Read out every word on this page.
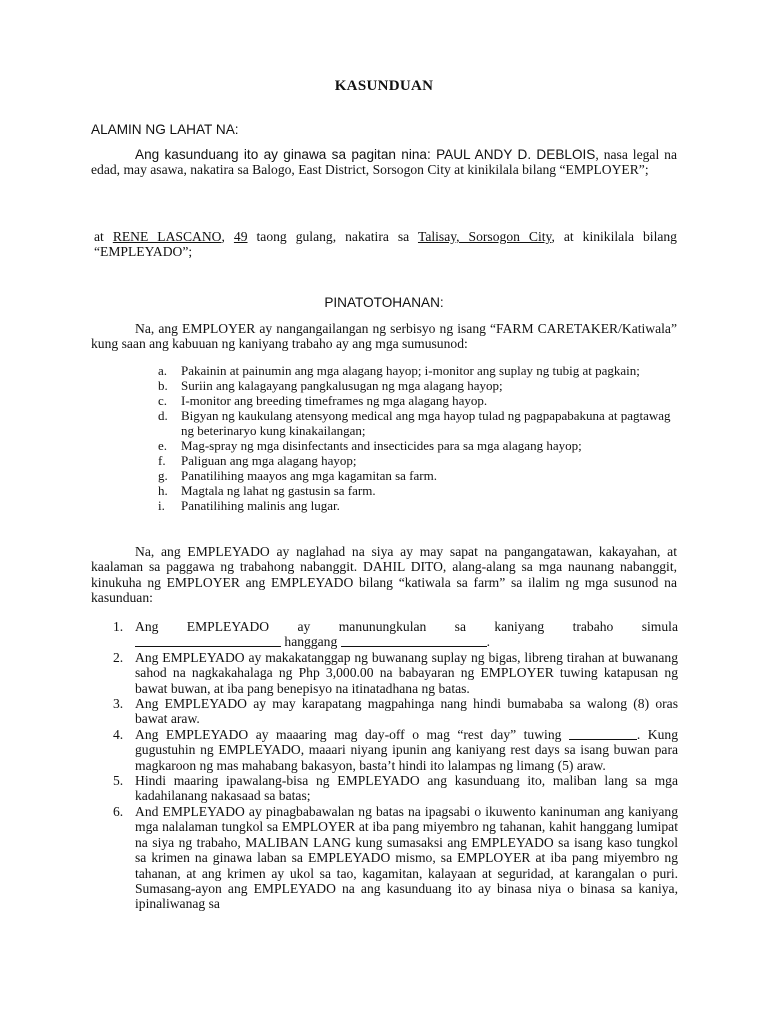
KASUNDUAN
ALAMIN NG LAHAT NA:
Ang kasunduang ito ay ginawa sa pagitan nina: PAUL ANDY D. DEBLOIS, nasa legal na edad, may asawa, nakatira sa Balogo, East District, Sorsogon City at kinikilala bilang “EMPLOYER”;
at RENE LASCANO, 49 taong gulang, nakatira sa Talisay, Sorsogon City, at kinikilala bilang “EMPLEYADO”;
PINATOTOHANAN:
Na, ang EMPLOYER ay nangangailangan ng serbisyo ng isang “FARM CARETAKER/Katiwala” kung saan ang kabuuan ng kaniyang trabaho ay ang mga sumusunod:
a. Pakainin at painumin ang mga alagang hayop; i-monitor ang suplay ng tubig at pagkain;
b. Suriin ang kalagayang pangkalusugan ng mga alagang hayop;
c. I-monitor ang breeding timeframes ng mga alagang hayop.
d. Bigyan ng kaukulang atensyong medical ang mga hayop tulad ng pagpapabakuna at pagtawag ng beterinaryo kung kinakailangan;
e. Mag-spray ng mga disinfectants and insecticides para sa mga alagang hayop;
f. Paliguan ang mga alagang hayop;
g. Panatilihing maayos ang mga kagamitan sa farm.
h. Magtala ng lahat ng gastusin sa farm.
i. Panatilihing malinis ang lugar.
Na, ang EMPLEYADO ay naglahad na siya ay may sapat na pangangatawan, kakayahan, at kaalaman sa paggawa ng trabahong nabanggit. DAHIL DITO, alang-alang sa mga naunang nabanggit, kinukuha ng EMPLOYER ang EMPLEYADO bilang “katiwala sa farm” sa ilalim ng mga susunod na kasunduan:
1. Ang EMPLEYADO ay manunungkulan sa kaniyang trabaho simula
hanggang	.
2. Ang EMPLEYADO ay makakatanggap ng buwanang suplay ng bigas, libreng tirahan at buwanang sahod na nagkakahalaga ng Php 3,000.00 na babayaran ng EMPLOYER tuwing katapusan ng bawat buwan, at iba pang benepisyo na itinatadhana ng batas.
3. Ang EMPLEYADO ay may karapatang magpahinga nang hindi bumababa sa walong (8) oras bawat araw.
4. Ang EMPLEYADO ay maaaring mag day-off o mag “rest day” tuwing	. Kung gugustuhin ng EMPLEYADO, maaari niyang ipunin ang kaniyang rest days sa isang buwan para magkaroon ng mas mahabang bakasyon, basta’t hindi ito lalampas ng limang (5) araw.
5. Hindi maaring ipawalang-bisa ng EMPLEYADO ang kasunduang ito, maliban lang sa mga kadahilanang nakasaad sa batas;
6. And EMPLEYADO ay pinagbabawalan ng batas na ipagsabi o ikuwento kaninuman ang kaniyang mga nalalaman tungkol sa EMPLOYER at iba pang miyembro ng tahanan, kahit hanggang lumipat na siya ng trabaho, MALIBAN LANG kung sumasaksi ang EMPLEYADO sa isang kaso tungkol sa krimen na ginawa laban sa EMPLEYADO mismo, sa EMPLOYER at iba pang miyembro ng tahanan, at ang krimen ay ukol sa tao, kagamitan, kalayaan at seguridad, at karangalan o puri. Sumasang-ayon ang EMPLEYADO na ang kasunduang ito ay binasa niya o binasa sa kaniya, ipinaliwanag sa
